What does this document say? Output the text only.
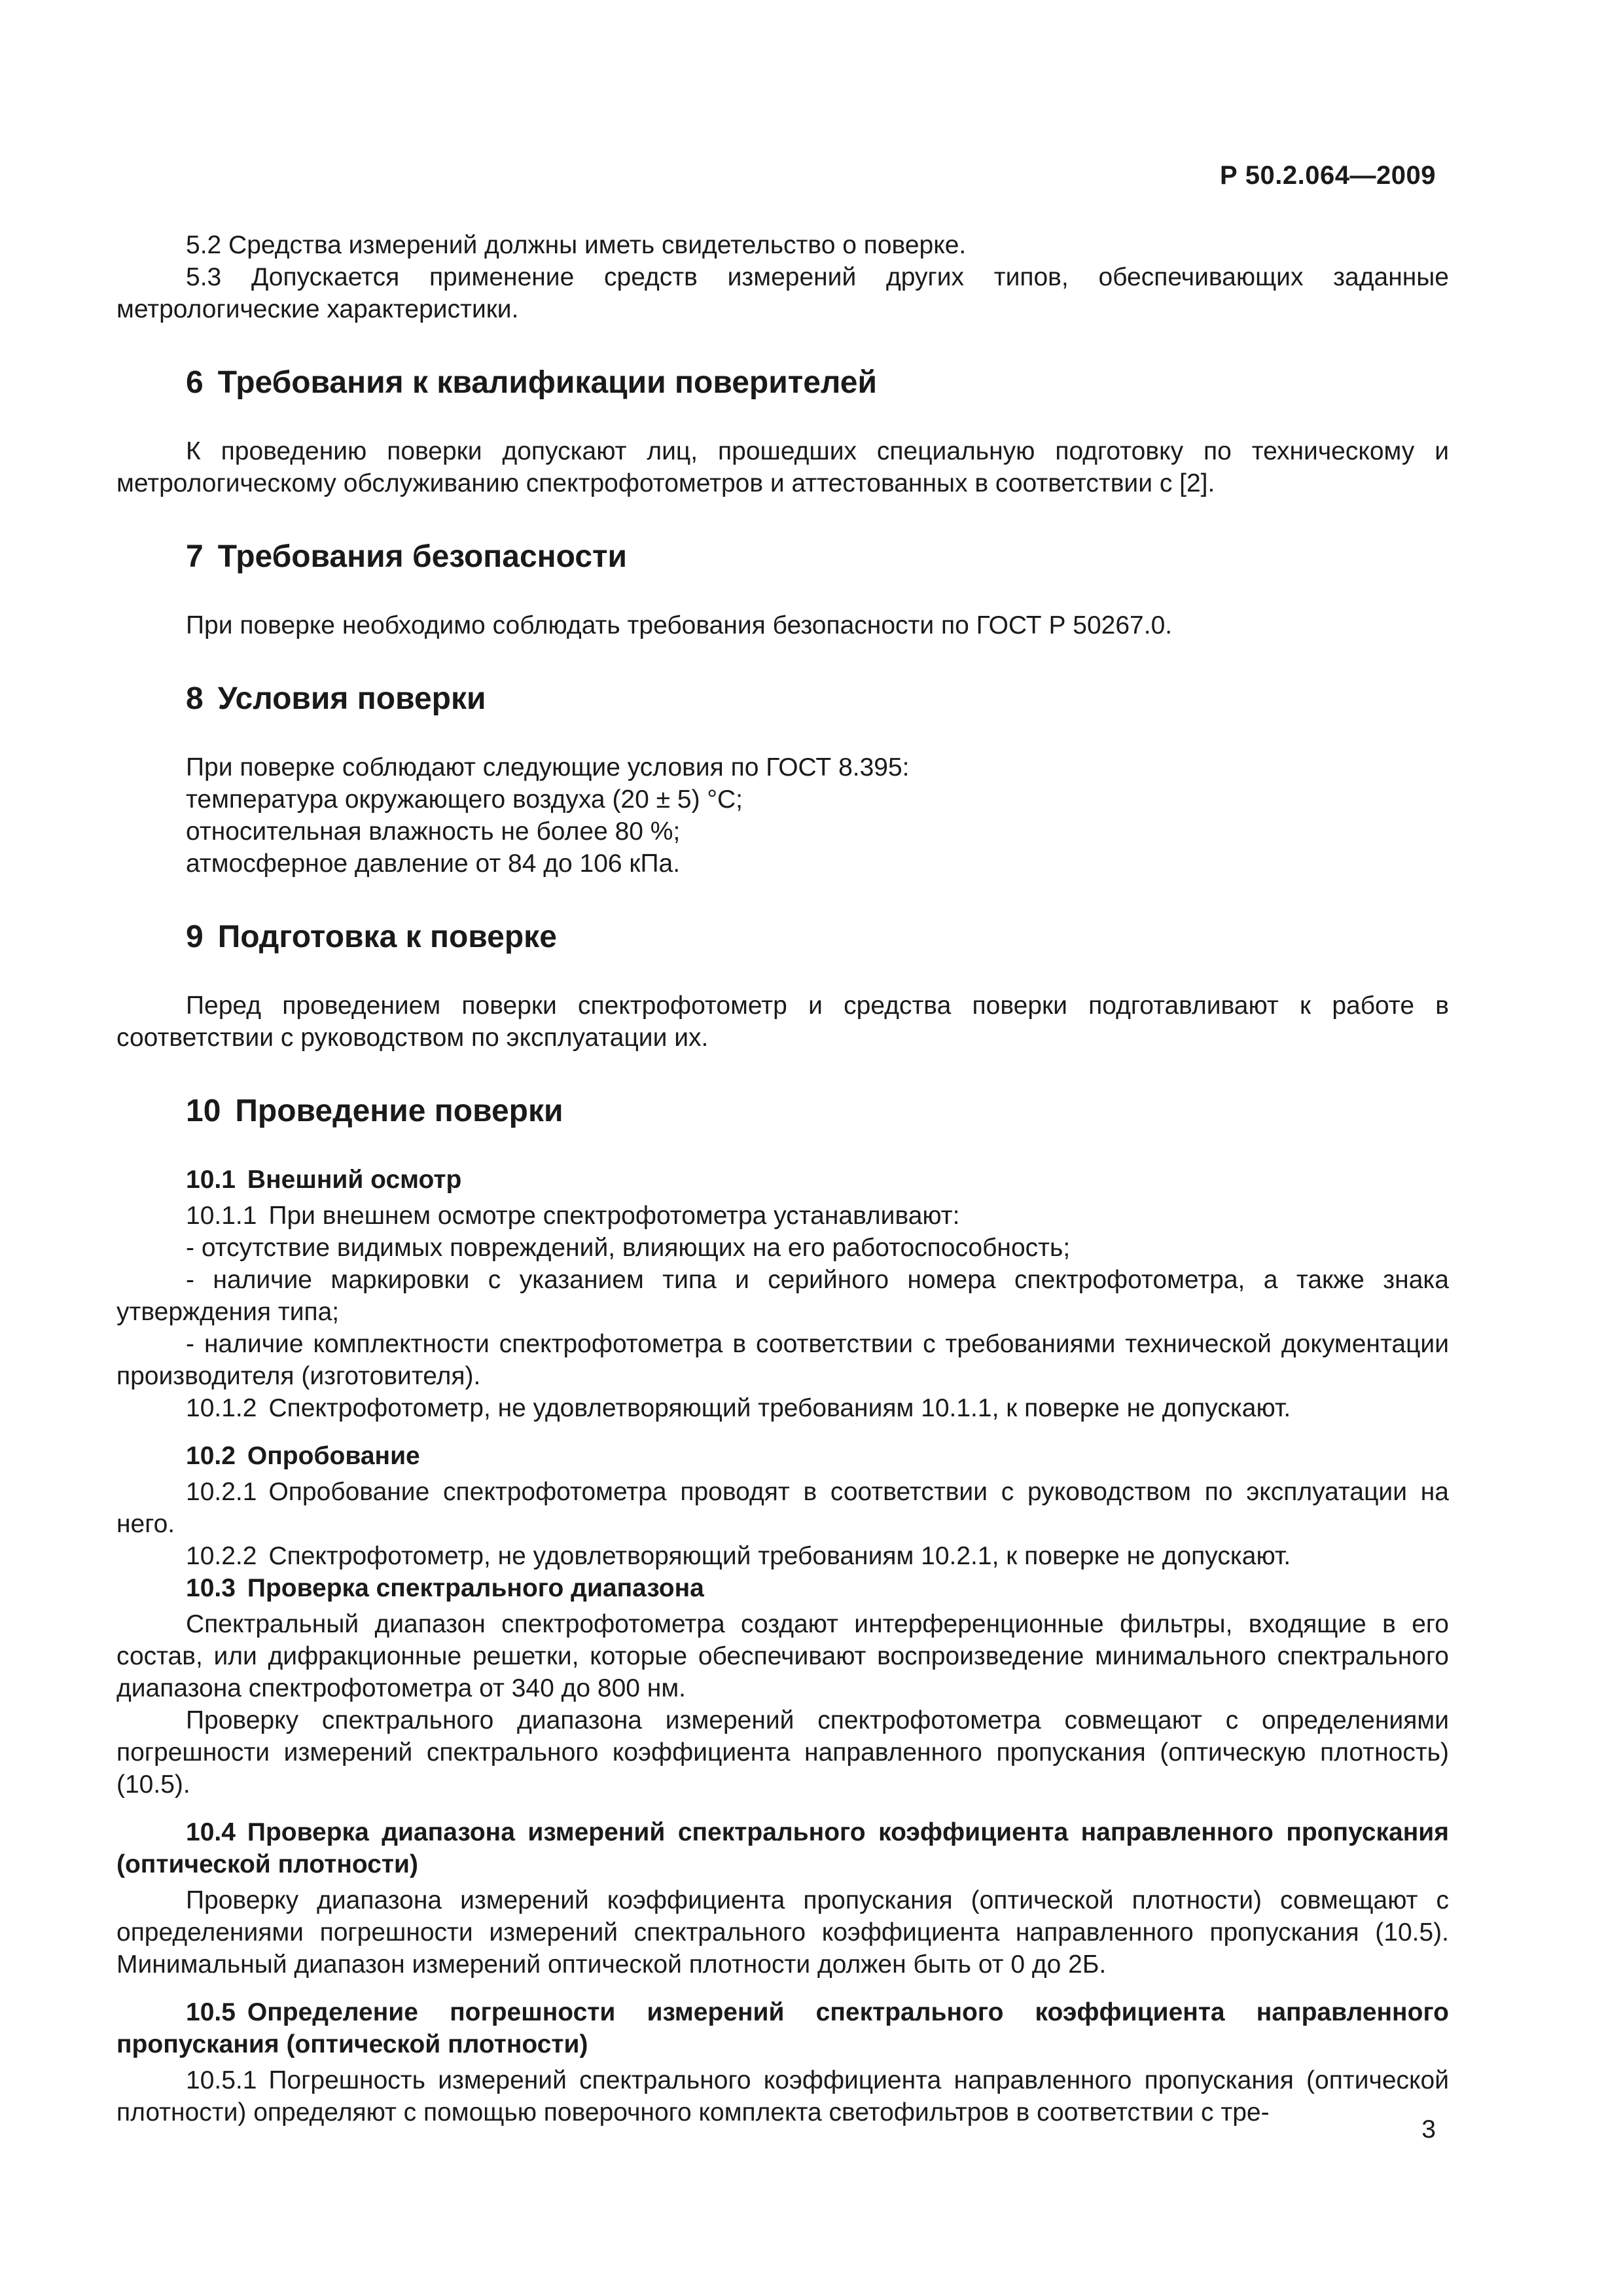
Р 50.2.064—2009

5.2 Средства измерений должны иметь свидетельство о поверке.

5.3 Допускается применение средств измерений других типов, обеспечивающих заданные метрологические характеристики.

6 Требования к квалификации поверителей

К проведению поверки допускают лиц, прошедших специальную подготовку по техническому и метрологическому обслуживанию спектрофотометров и аттестованных в соответствии с [2].

7 Требования безопасности

При поверке необходимо соблюдать требования безопасности по ГОСТ Р 50267.0.

8 Условия поверки

При поверке соблюдают следующие условия по ГОСТ 8.395:

температура окружающего воздуха (20 ± 5) °С;

относительная влажность не более 80 %;

атмосферное давление от 84 до 106 кПа.

9 Подготовка к поверке

Перед проведением поверки спектрофотометр и средства поверки подготавливают к работе в соответствии с руководством по эксплуатации их.

10 Проведение поверки
10.1 Внешний осмотр

10.1.1 При внешнем осмотре спектрофотометра устанавливают:

- отсутствие видимых повреждений, влияющих на его работоспособность;

- наличие маркировки с указанием типа и серийного номера спектрофотометра, а также знака утверждения типа;

- наличие комплектности спектрофотометра в соответствии с требованиями технической документации производителя (изготовителя).

10.1.2 Спектрофотометр, не удовлетворяющий требованиям 10.1.1, к поверке не допускают.

10.2 Опробование

10.2.1 Опробование спектрофотометра проводят в соответствии с руководством по эксплуатации на него.

10.2.2 Спектрофотометр, не удовлетворяющий требованиям 10.2.1, к поверке не допускают.

10.3 Проверка спектрального диапазона

Спектральный диапазон спектрофотометра создают интерференционные фильтры, входящие в его состав, или дифракционные решетки, которые обеспечивают воспроизведение минимального спектрального диапазона спектрофотометра от 340 до 800 нм.

Проверку спектрального диапазона измерений спектрофотометра совмещают с определениями погрешности измерений спектрального коэффициента направленного пропускания (оптическую плотность) (10.5).

10.4 Проверка диапазона измерений спектрального коэффициента направленного пропускания (оптической плотности)

Проверку диапазона измерений коэффициента пропускания (оптической плотности) совмещают с определениями погрешности измерений спектрального коэффициента направленного пропускания (10.5). Минимальный диапазон измерений оптической плотности должен быть от 0 до 2Б.

10.5 Определение погрешности измерений спектрального коэффициента направленного пропускания (оптической плотности)

10.5.1 Погрешность измерений спектрального коэффициента направленного пропускания (оптической плотности) определяют с помощью поверочного комплекта светофильтров в соответствии с тре-

3
